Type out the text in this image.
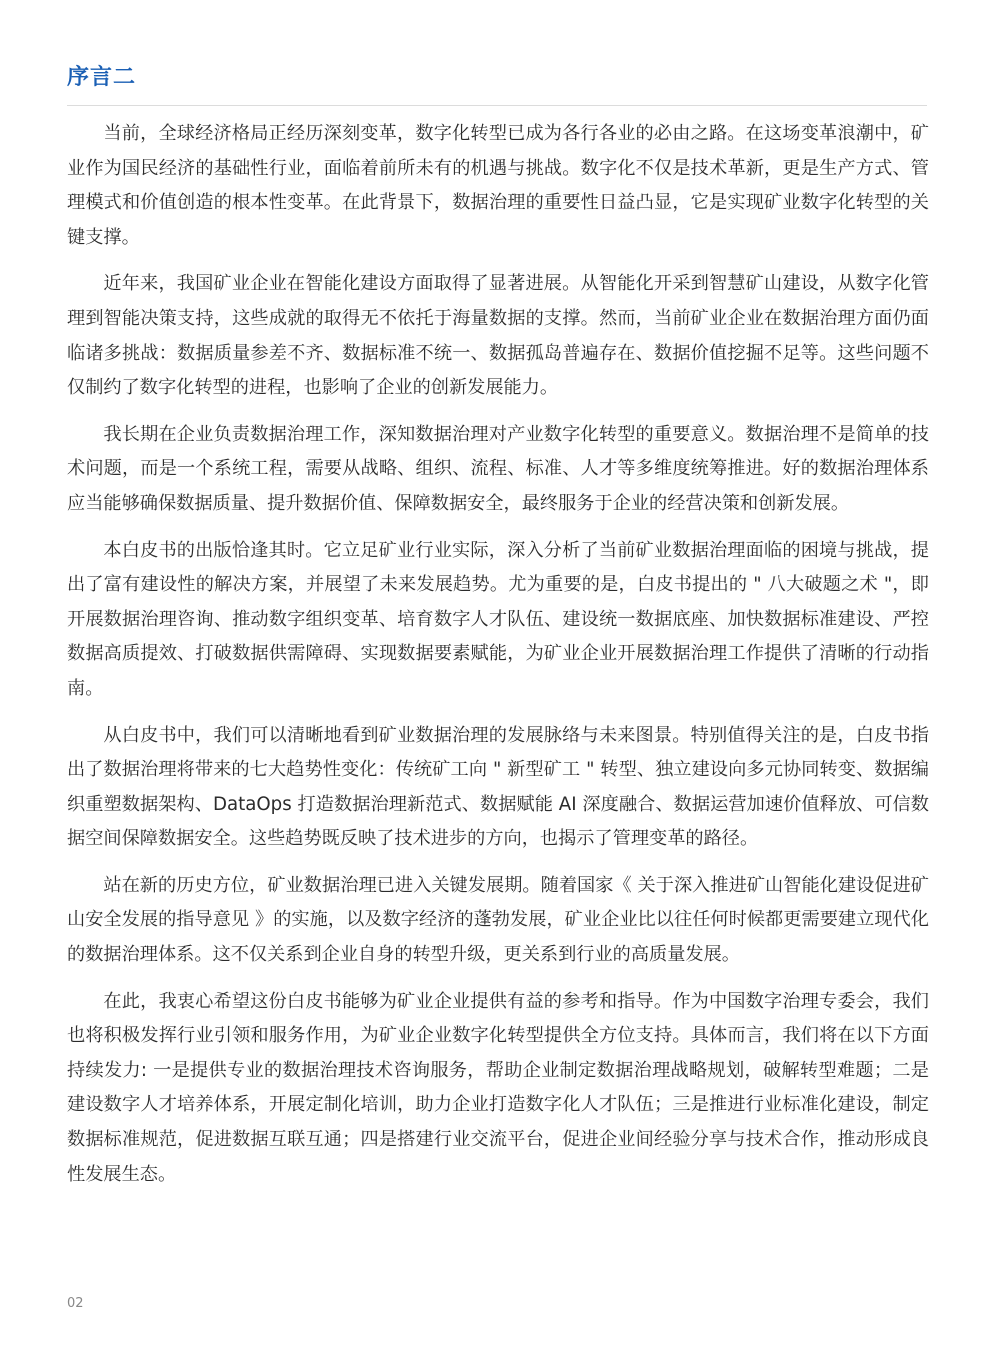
序言二

当前，全球经济格局正经历深刻变革，数字化转型已成为各行各业的必由之路。在这场变革浪潮中，矿业作为国民经济的基础性行业，面临着前所未有的机遇与挑战。数字化不仅是技术革新，更是生产方式、管理模式和价值创造的根本性变革。在此背景下，数据治理的重要性日益凸显，它是实现矿业数字化转型的关键支撑。

近年来，我国矿业企业在智能化建设方面取得了显著进展。从智能化开采到智慧矿山建设，从数字化管理到智能决策支持，这些成就的取得无不依托于海量数据的支撑。然而，当前矿业企业在数据治理方面仍面临诸多挑战：数据质量参差不齐、数据标准不统一、数据孤岛普遍存在、数据价值挖掘不足等。这些问题不仅制约了数字化转型的进程，也影响了企业的创新发展能力。

我长期在企业负责数据治理工作，深知数据治理对产业数字化转型的重要意义。数据治理不是简单的技术问题，而是一个系统工程，需要从战略、组织、流程、标准、人才等多维度统筹推进。好的数据治理体系应当能够确保数据质量、提升数据价值、保障数据安全，最终服务于企业的经营决策和创新发展。

本白皮书的出版恰逢其时。它立足矿业行业实际，深入分析了当前矿业数据治理面临的困境与挑战，提出了富有建设性的解决方案，并展望了未来发展趋势。尤为重要的是，白皮书提出的 " 八大破题之术 "，即开展数据治理咨询、推动数字组织变革、培育数字人才队伍、建设统一数据底座、加快数据标准建设、严控数据高质提效、打破数据供需障碍、实现数据要素赋能，为矿业企业开展数据治理工作提供了清晰的行动指南。

从白皮书中，我们可以清晰地看到矿业数据治理的发展脉络与未来图景。特别值得关注的是，白皮书指出了数据治理将带来的七大趋势性变化：传统矿工向 " 新型矿工 " 转型、独立建设向多元协同转变、数据编织重塑数据架构、DataOps 打造数据治理新范式、数据赋能 AI 深度融合、数据运营加速价值释放、可信数据空间保障数据安全。这些趋势既反映了技术进步的方向，也揭示了管理变革的路径。

站在新的历史方位，矿业数据治理已进入关键发展期。随着国家《 关于深入推进矿山智能化建设促进矿山安全发展的指导意见 》的实施，以及数字经济的蓬勃发展，矿业企业比以往任何时候都更需要建立现代化的数据治理体系。这不仅关系到企业自身的转型升级，更关系到行业的高质量发展。

在此，我衷心希望这份白皮书能够为矿业企业提供有益的参考和指导。作为中国数字治理专委会，我们也将积极发挥行业引领和服务作用，为矿业企业数字化转型提供全方位支持。具体而言，我们将在以下方面持续发力: 一是提供专业的数据治理技术咨询服务，帮助企业制定数据治理战略规划，破解转型难题；二是建设数字人才培养体系，开展定制化培训，助力企业打造数字化人才队伍；三是推进行业标准化建设，制定数据标准规范，促进数据互联互通；四是搭建行业交流平台，促进企业间经验分享与技术合作，推动形成良性发展生态。

02
